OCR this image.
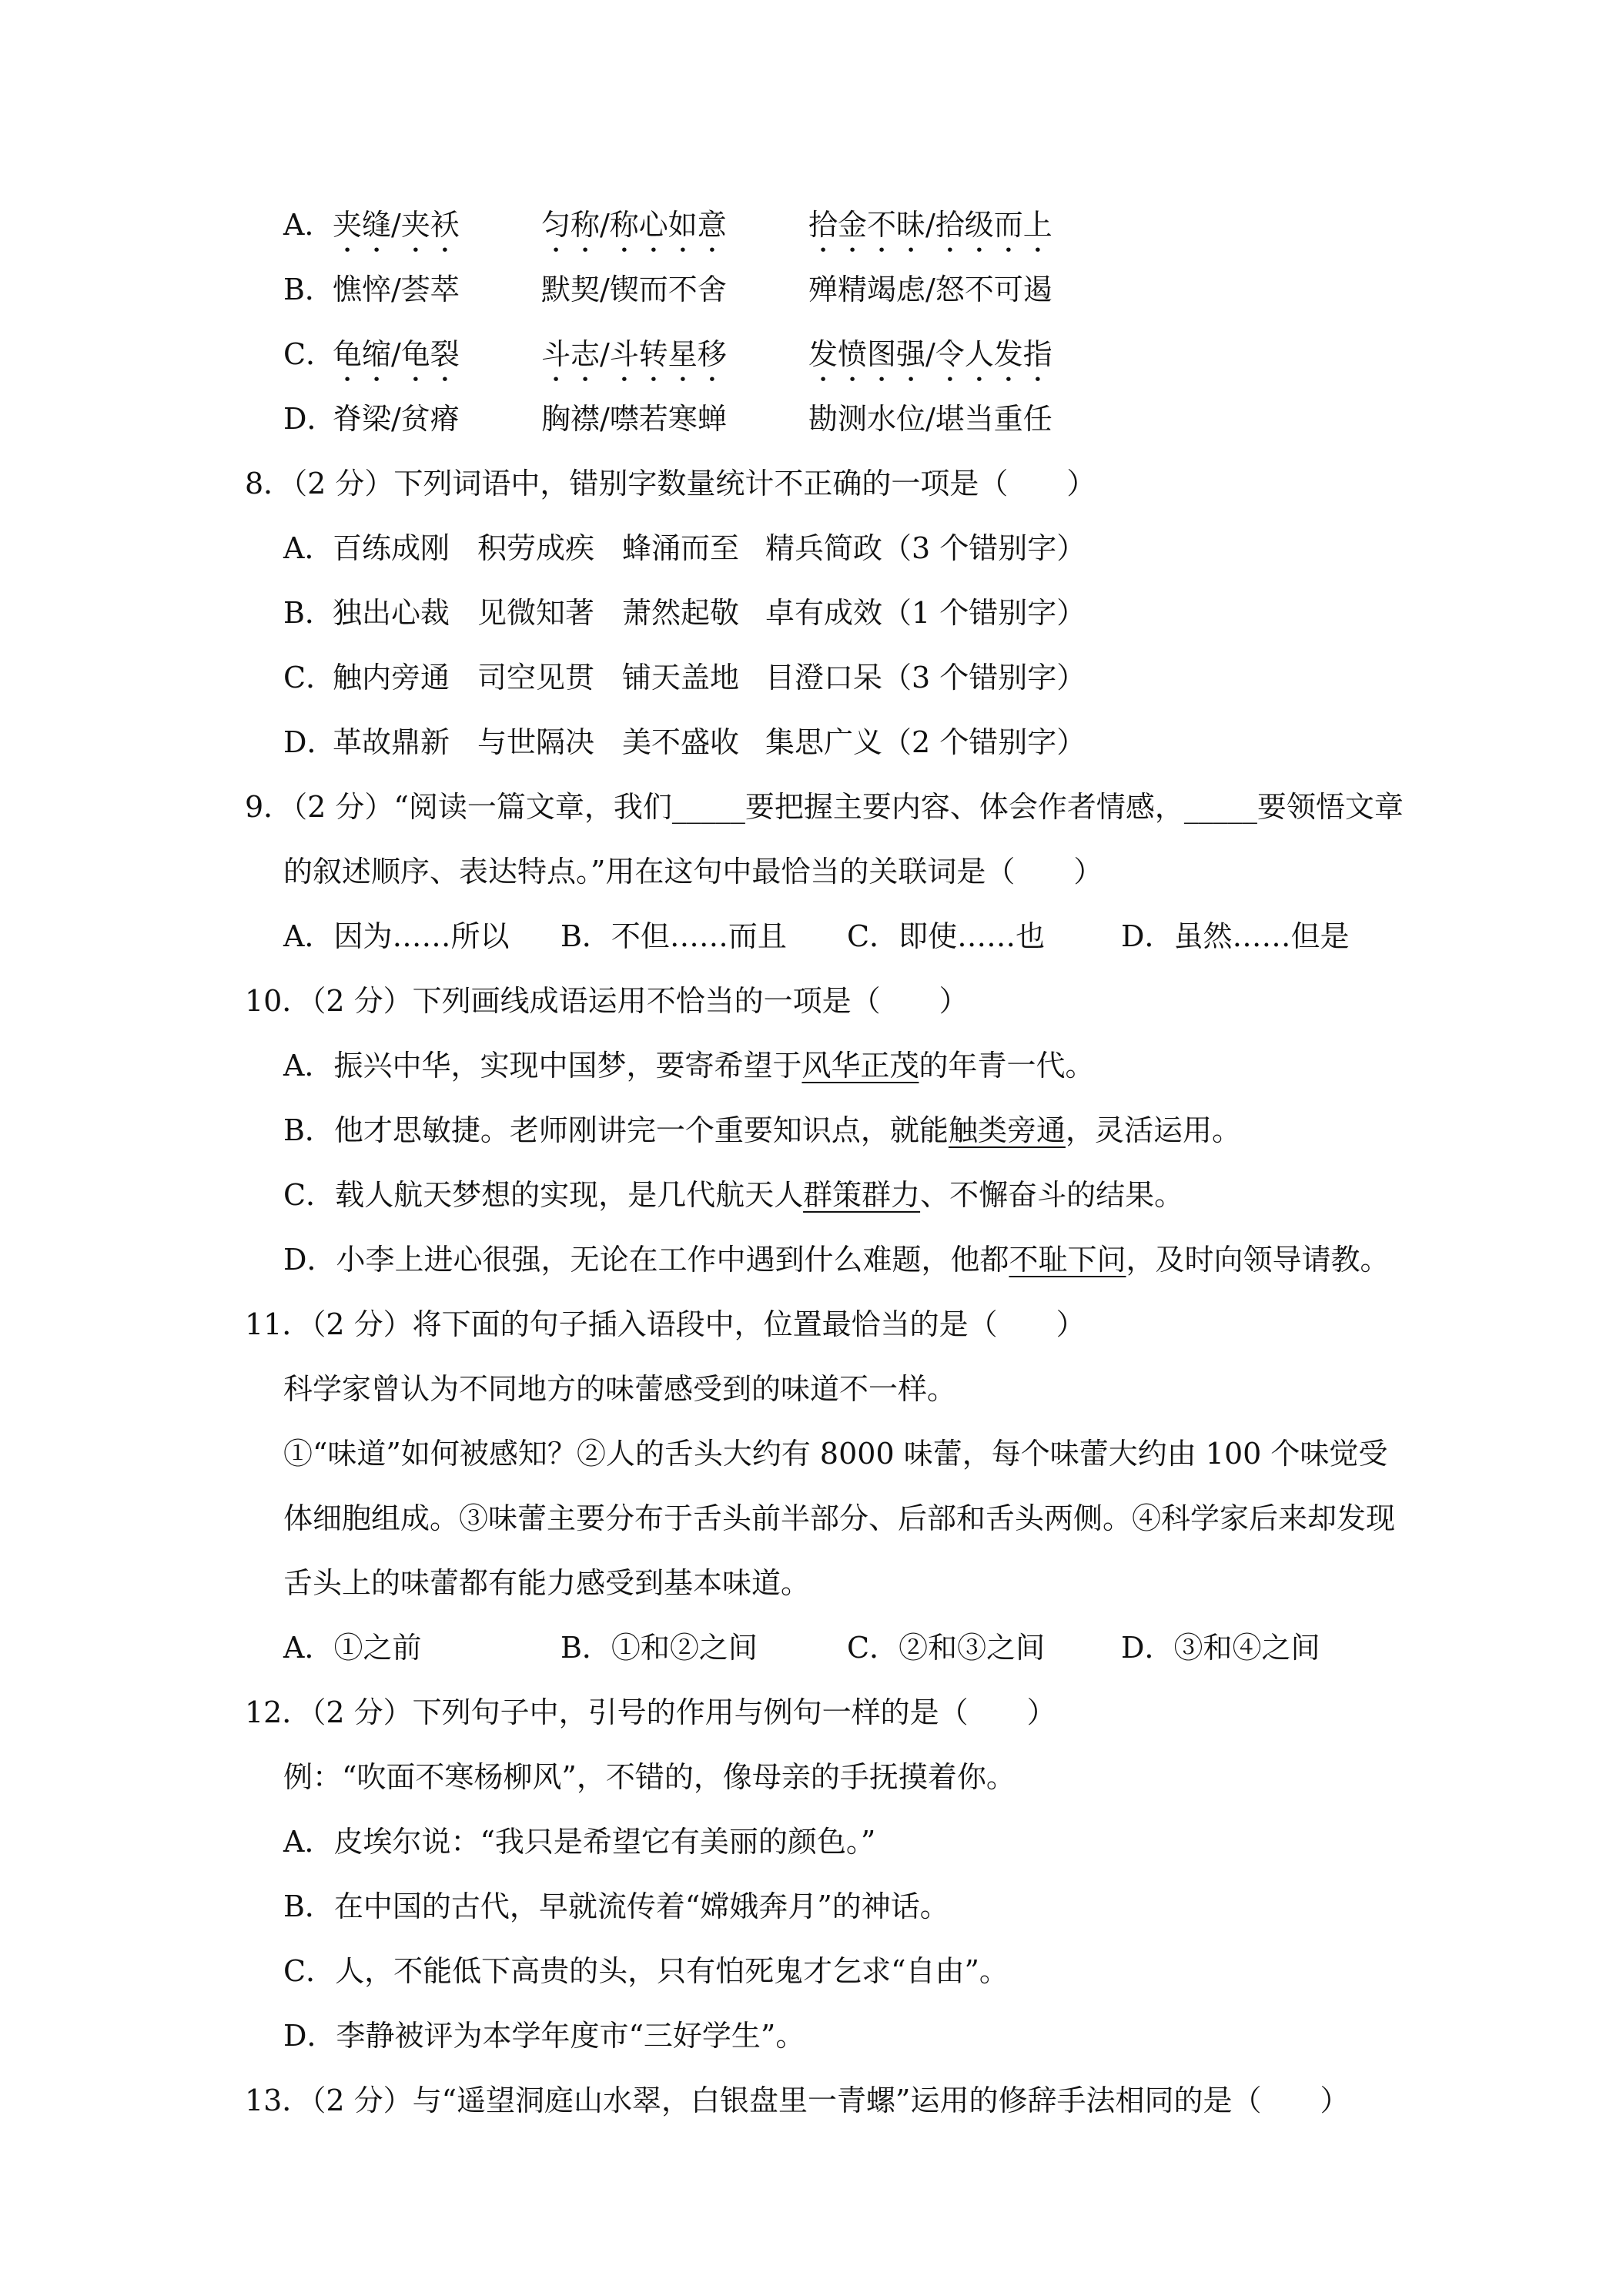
A．
夹缝/夹袄	匀称/称心如意	拾金不昧/拾级而上
B．
憔悴/荟萃	默契/锲而不舍	殚精竭虑/怒不可遏
C．
龟缩/龟裂	斗志/斗转星移	发愤图强/令人发指
D．
脊梁/贫瘠	胸襟/噤若寒蝉	勘测水位/堪当重任
8．（2 分）下列词语中，错别字数量统计不正确的一项是（　　）
A．
百练成刚 积劳成疾 蜂涌而至 精兵简政 （3 个错别字）
B．
独出心裁 见微知著 萧然起敬 卓有成效 （1 个错别字）
C．
触内旁通 司空见贯 铺天盖地 目澄口呆 （3 个错别字）
D．
革故鼎新 与世隔决 美不盛收 集思广义 （2 个错别字）
9．（2 分）“阅读一篇文章，我们_____要把握主要内容、体会作者情感，_____要领悟文章
的叙述顺序、表达特点。”用在这句中最恰当的关联词是（　　）
A．因为……所以 B．不但……而且 C．即使……也	D．虽然……但是
10．（2 分）下列画线成语运用不恰当的一项是（　　）
A．振兴中华，实现中国梦，要寄希望于风华正茂的年青一代。
B．他才思敏捷。老师刚讲完一个重要知识点，就能触类旁通，灵活运用。
C．载人航天梦想的实现，是几代航天人群策群力、不懈奋斗的结果。
D．小李上进心很强，无论在工作中遇到什么难题，他都不耻下问，及时向领导请教。
11．（2 分）将下面的句子插入语段中，位置最恰当的是（　　）
科学家曾认为不同地方的味蕾感受到的味道不一样。
①“味道”如何被感知？②人的舌头大约有 8000 味蕾，每个味蕾大约由 100 个味觉受
体细胞组成。③味蕾主要分布于舌头前半部分、后部和舌头两侧。④科学家后来却发现
舌头上的味蕾都有能力感受到基本味道。
A．①之前	B．①和②之间	C．②和③之间	D．③和④之间
12．（2 分）下列句子中，引号的作用与例句一样的是（　　）
例：“吹面不寒杨柳风”，不错的，像母亲的手抚摸着你。
A．皮埃尔说：“我只是希望它有美丽的颜色。”
B．在中国的古代，早就流传着“嫦娥奔月”的神话。
C．人，不能低下高贵的头，只有怕死鬼才乞求“自由”。
D．李静被评为本学年度市“三好学生”。
13．（2 分）与“遥望洞庭山水翠，白银盘里一青螺”运用的修辞手法相同的是（　　）
